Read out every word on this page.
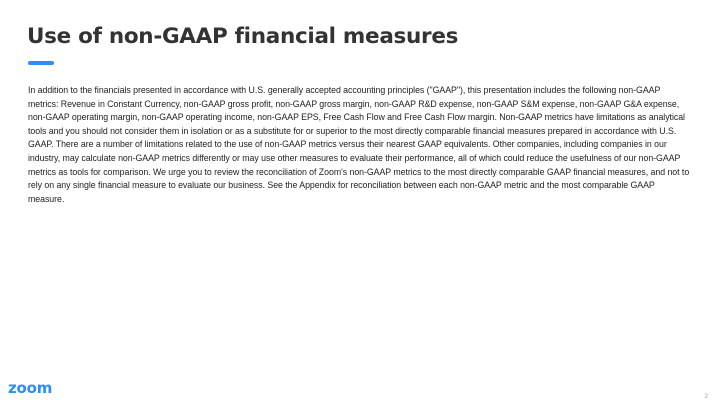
Use of non-GAAP financial measures

In addition to the financials presented in accordance with U.S. generally accepted accounting principles ("GAAP"), this presentation includes the following non-GAAP metrics: Revenue in Constant Currency, non-GAAP gross profit, non-GAAP gross margin, non-GAAP R&D expense, non-GAAP S&M expense, non-GAAP G&A expense, non-GAAP operating margin, non-GAAP operating income, non-GAAP EPS, Free Cash Flow and Free Cash Flow margin. Non-GAAP metrics have limitations as analytical tools and you should not consider them in isolation or as a substitute for or superior to the most directly comparable financial measures prepared in accordance with U.S. GAAP. There are a number of limitations related to the use of non-GAAP metrics versus their nearest GAAP equivalents. Other companies, including companies in our industry, may calculate non-GAAP metrics differently or may use other measures to evaluate their performance, all of which could reduce the usefulness of our non-GAAP metrics as tools for comparison. We urge you to review the reconciliation of Zoom's non-GAAP metrics to the most directly comparable GAAP financial measures, and not to rely on any single financial measure to evaluate our business. See the Appendix for reconciliation between each non-GAAP metric and the most comparable GAAP measure.

zoom	2
